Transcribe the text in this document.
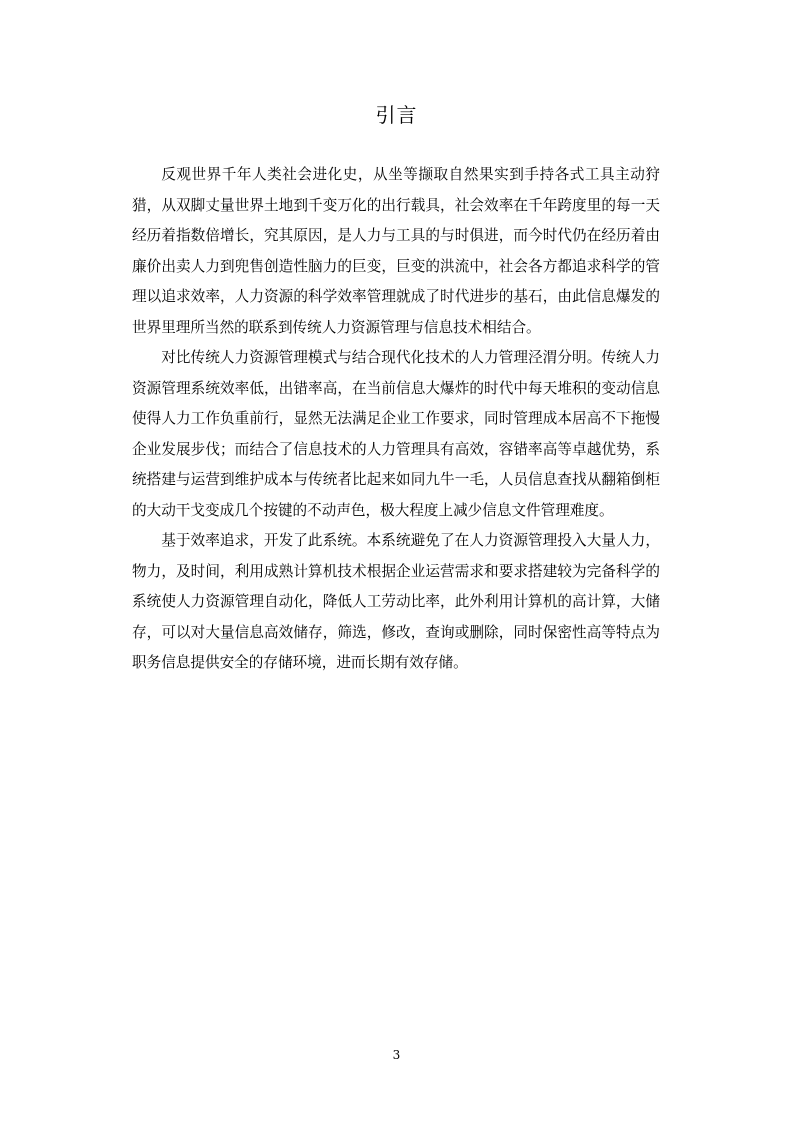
引言

反观世界千年人类社会进化史，从坐等撷取自然果实到手持各式工具主动狩猎，从双脚丈量世界土地到千变万化的出行载具，社会效率在千年跨度里的每一天经历着指数倍增长，究其原因，是人力与工具的与时俱进，而今时代仍在经历着由廉价出卖人力到兜售创造性脑力的巨变，巨变的洪流中，社会各方都追求科学的管理以追求效率，人力资源的科学效率管理就成了时代进步的基石，由此信息爆发的世界里理所当然的联系到传统人力资源管理与信息技术相结合。

对比传统人力资源管理模式与结合现代化技术的人力管理泾渭分明。传统人力资源管理系统效率低，出错率高，在当前信息大爆炸的时代中每天堆积的变动信息使得人力工作负重前行，显然无法满足企业工作要求，同时管理成本居高不下拖慢企业发展步伐；而结合了信息技术的人力管理具有高效，容错率高等卓越优势，系统搭建与运营到维护成本与传统者比起来如同九牛一毛，人员信息查找从翻箱倒柜的大动干戈变成几个按键的不动声色，极大程度上减少信息文件管理难度。

基于效率追求，开发了此系统。本系统避免了在人力资源管理投入大量人力，物力，及时间，利用成熟计算机技术根据企业运营需求和要求搭建较为完备科学的系统使人力资源管理自动化，降低人工劳动比率，此外利用计算机的高计算，大储存，可以对大量信息高效储存，筛选，修改，查询或删除，同时保密性高等特点为职务信息提供安全的存储环境，进而长期有效存储。

3
